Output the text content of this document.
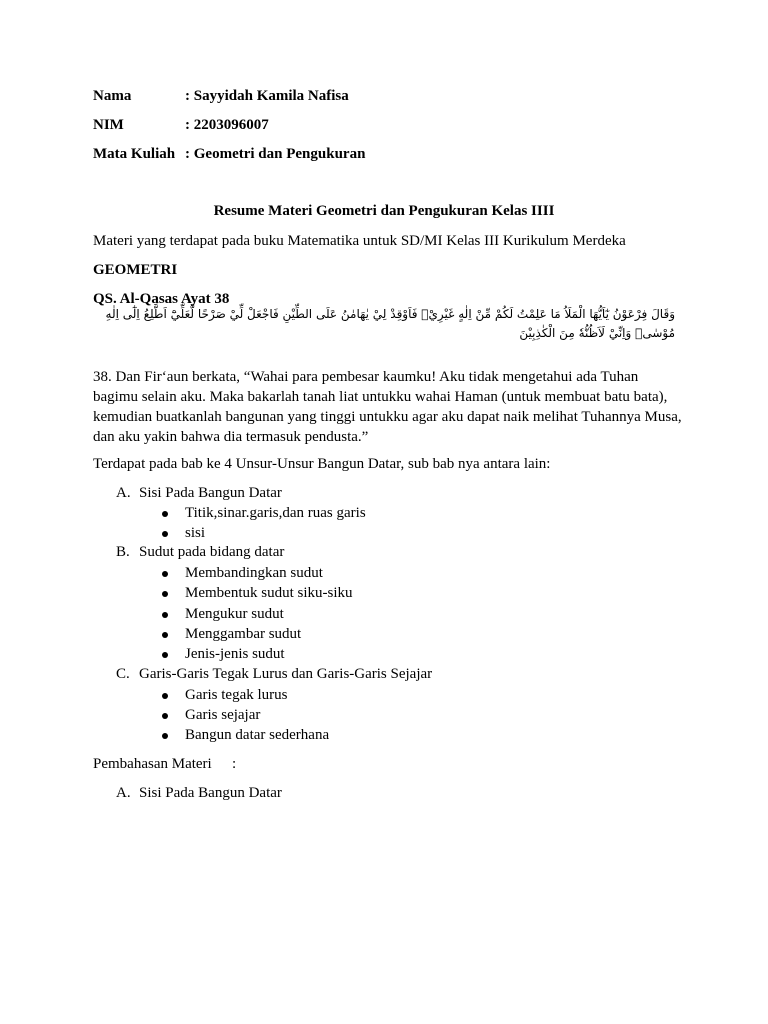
Nama	: Sayyidah Kamila Nafisa
NIM	: 2203096007
Mata Kuliah : Geometri dan Pengukuran
Resume Materi Geometri dan Pengukuran Kelas IIII
Materi yang terdapat pada buku Matematika untuk SD/MI Kelas III Kurikulum Merdeka
GEOMETRI
QS. Al-Qasas Ayat 38
وَقَالَ فِرْعَوْنُ يٰٓاَيُّهَا الْمَلَاُ مَا عَلِمْتُ لَكُمْ مِّنْ اِلٰهٍ غَيْرِيْۚ فَاَوْقِدْ لِيْ يٰهَامٰنُ عَلَى الطِّيْنِ فَاجْعَلْ لِّيْ صَرْحًا لَّعَلِّيْٓ اَطَّلِعُ اِلٰٓى اِلٰهِ مُوْسٰىۙ وَاِنِّيْ لَاَظُنُّهٗ مِنَ الْكٰذِبِيْنَ
38. Dan Fir‘aun berkata, “Wahai para pembesar kaumku! Aku tidak mengetahui ada Tuhan bagimu selain aku. Maka bakarlah tanah liat untukku wahai Haman (untuk membuat batu bata), kemudian buatkanlah bangunan yang tinggi untukku agar aku dapat naik melihat Tuhannya Musa, dan aku yakin bahwa dia termasuk pendusta.”
Terdapat pada bab ke 4 Unsur-Unsur Bangun Datar, sub bab nya antara lain:
A. Sisi Pada Bangun Datar
Titik,sinar.garis,dan ruas garis
sisi
B. Sudut pada bidang datar
Membandingkan sudut
Membentuk sudut siku-siku
Mengukur sudut
Menggambar sudut
Jenis-jenis sudut
C. Garis-Garis Tegak Lurus dan Garis-Garis Sejajar
Garis tegak lurus
Garis sejajar
Bangun datar sederhana
Pembahasan Materi :
A. Sisi Pada Bangun Datar
